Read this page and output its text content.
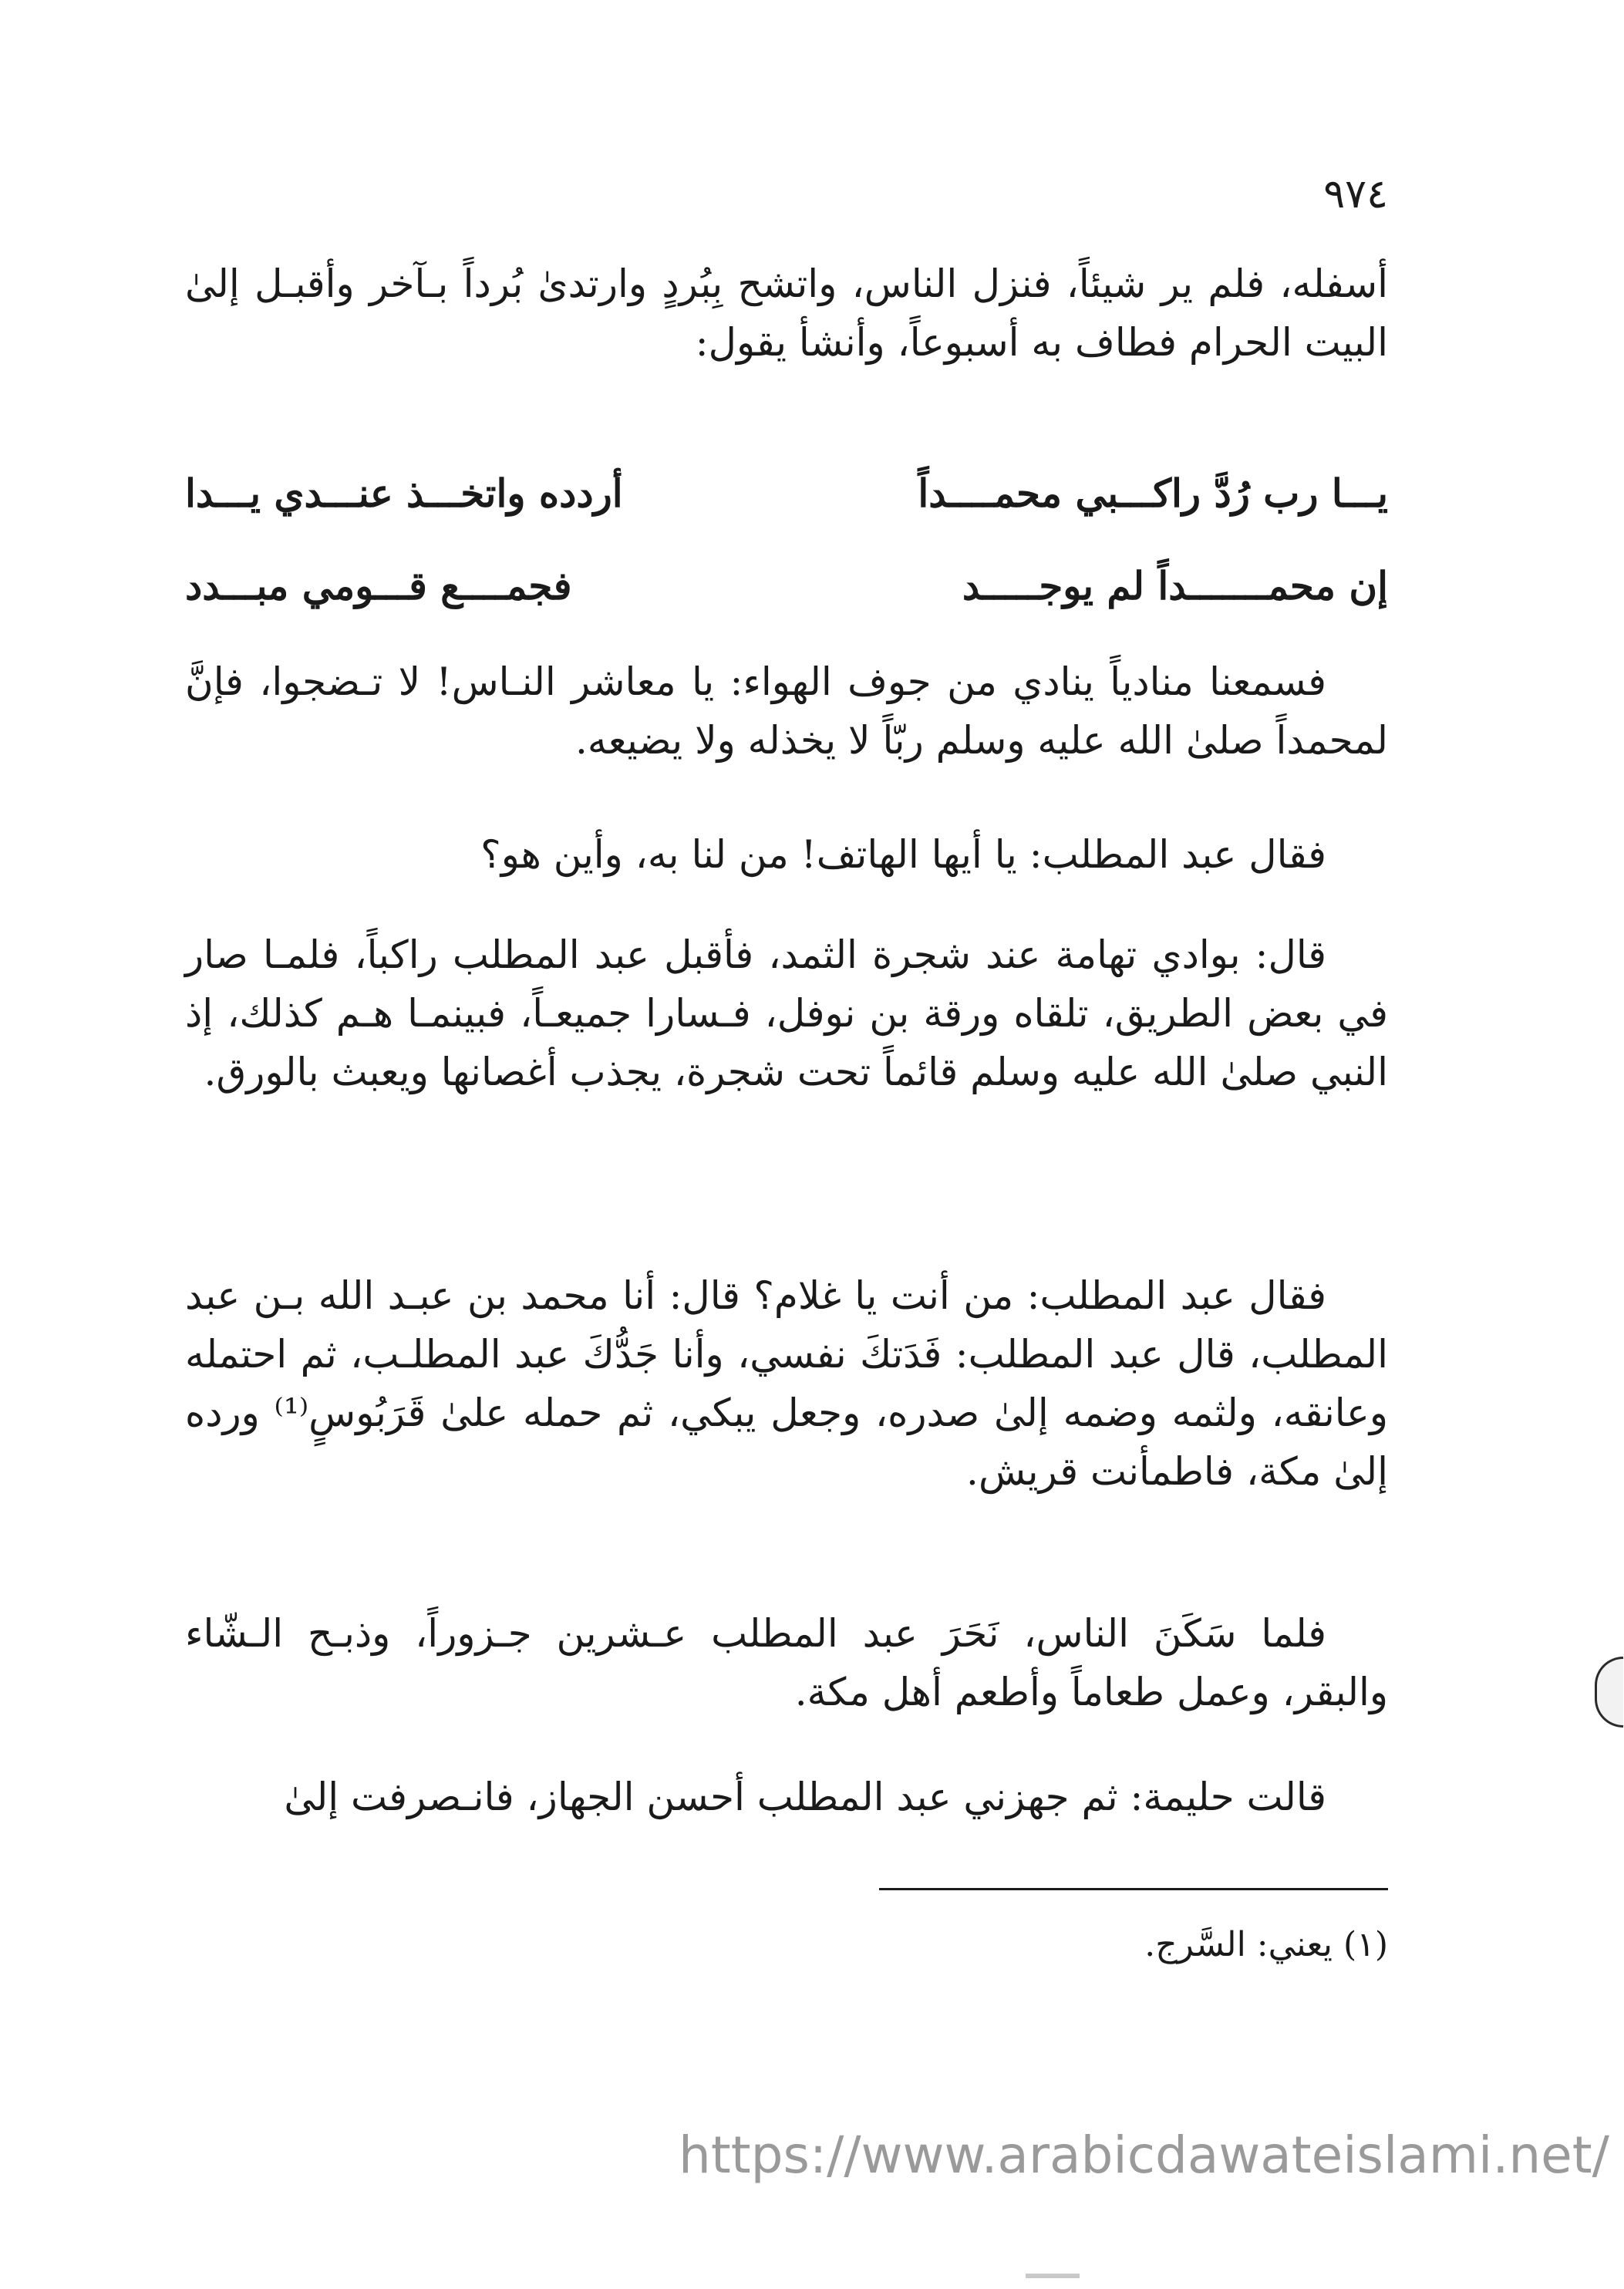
٩٧٤

أسفله، فلم ير شيئاً، فنزل الناس، واتشح بِبُردٍ وارتدىٰ بُرداً بـآخر وأقبـل إلىٰ البيت الحرام فطاف به أسبوعاً، وأنشأ يقول:

يـــا رب رُدَّ راكـــبي محمــــداً
أردده واتخـــذ عنـــدي يـــدا
إن محمـــــــداً لم يوجـــــد
فجمــــع قـــومي مبـــدد

فسمعنا منادياً ينادي من جوف الهواء: يا معاشر النـاس! لا تـضجوا، فإنَّ لمحمداً صلىٰ الله عليه وسلم ربّاً لا يخذله ولا يضيعه.

فقال عبد المطلب: يا أيها الهاتف! من لنا به، وأين هو؟

قال: بوادي تهامة عند شجرة الثمد، فأقبل عبد المطلب راكباً، فلمـا صار في بعض الطريق، تلقاه ورقة بن نوفل، فـسارا جميعـاً، فبينمـا هـم كذلك، إذ النبي صلىٰ الله عليه وسلم قائماً تحت شجرة، يجذب أغصانها ويعبث بالورق.

فقال عبد المطلب: من أنت يا غلام؟ قال: أنا محمد بن عبـد الله بـن عبد المطلب، قال عبد المطلب: فَدَتكَ نفسي، وأنا جَدُّكَ عبد المطلـب، ثم احتمله وعانقه، ولثمه وضمه إلىٰ صدره، وجعل يبكي، ثم حمله علىٰ قَرَبُوسٍ⁽¹⁾ ورده إلىٰ مكة، فاطمأنت قريش.

فلما سَكَنَ الناس، نَحَرَ عبد المطلب عـشرين جـزوراً، وذبـح الـشّاء والبقر، وعمل طعاماً وأطعم أهل مكة.

قالت حليمة: ثم جهزني عبد المطلب أحسن الجهاز، فانـصرفت إلىٰ

(١) يعني: السَّرج.

https://www.arabicdawateislami.net/
